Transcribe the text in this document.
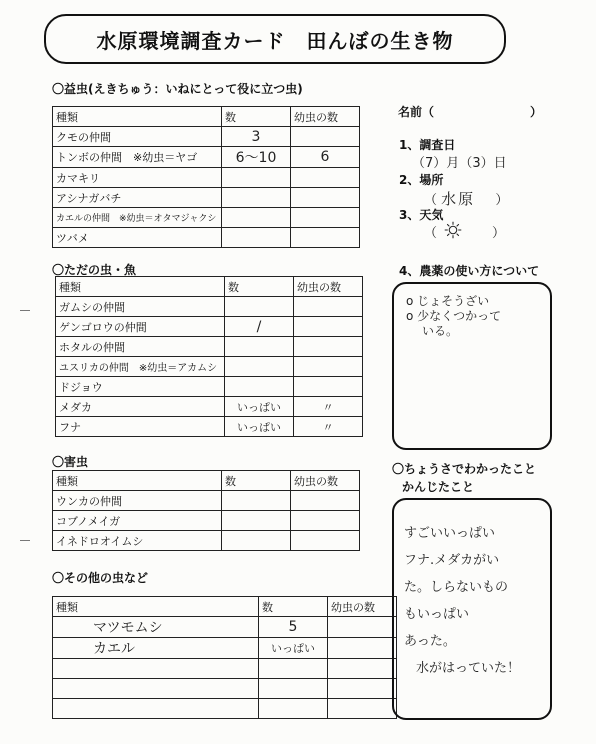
水原環境調査カード　田んぼの生き物
〇益虫(えきちゅう：いねにとって役に立つ虫)
種類	数	幼虫の数
クモの仲間	3	
トンボの仲間　※幼虫＝ヤゴ	6～10	6
カマキリ		
アシナガバチ		
カエルの仲間　※幼虫＝オタマジャクシ		
ツバメ		
〇ただの虫・魚
種類	数	幼虫の数
ガムシの仲間		
ゲンゴロウの仲間	/	
ホタルの仲間		
ユスリカの仲間　※幼虫＝アカムシ		
ドジョウ		
メダカ	いっぱい	〃
フナ	いっぱい	〃
〇害虫
種類	数	幼虫の数
ウンカの仲間		
コブノメイガ		
イネドロオイムシ		
〇その他の虫など
種類	数	幼虫の数
マツモムシ	5	
カエル	いっぱい	

名前（	）
1、調査日
（7）月（3）日
2、場所
（ 水原 ）
3、天気
（	）
4、農薬の使い方について
o じょそうざい
o 少なくつかって
いる。
〇ちょうさでわかったこと
かんじたこと
すごいいっぱい
フナ.メダカがい
た。しらないもの
もいっぱい
あった。
水がはっていた！
